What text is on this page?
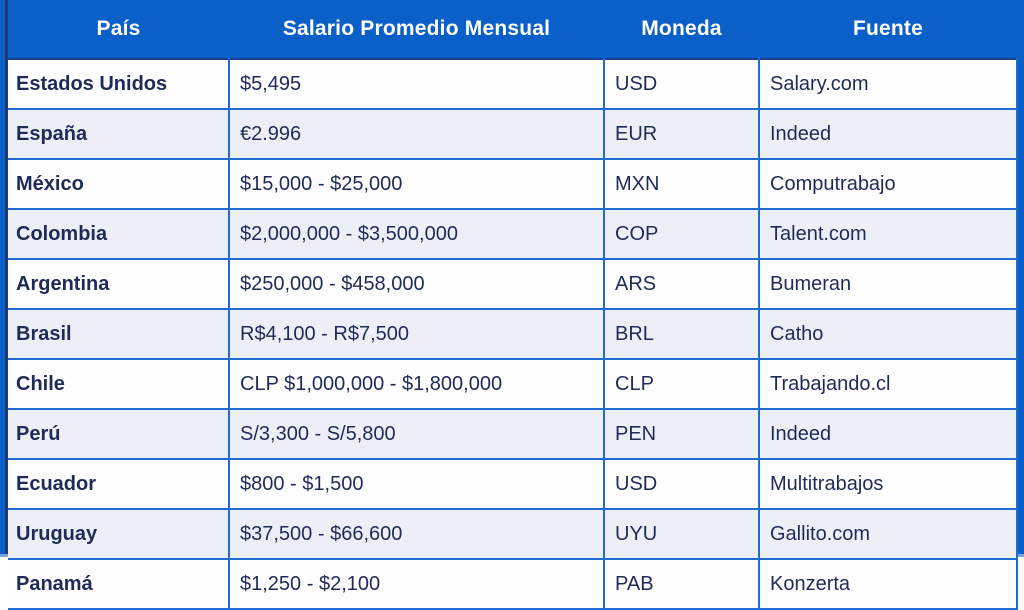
País	Salario Promedio Mensual	Moneda	Fuente
Estados Unidos	$5,495	USD	Salary.com
España	€2.996	EUR	Indeed
México	$15,000 - $25,000	MXN	Computrabajo
Colombia	$2,000,000 - $3,500,000	COP	Talent.com
Argentina	$250,000 - $458,000	ARS	Bumeran
Brasil	R$4,100 - R$7,500	BRL	Catho
Chile	CLP $1,000,000 - $1,800,000	CLP	Trabajando.cl
Perú	S/3,300 - S/5,800	PEN	Indeed
Ecuador	$800 - $1,500	USD	Multitrabajos
Uruguay	$37,500 - $66,600	UYU	Gallito.com
Panamá	$1,250 - $2,100	PAB	Konzerta
